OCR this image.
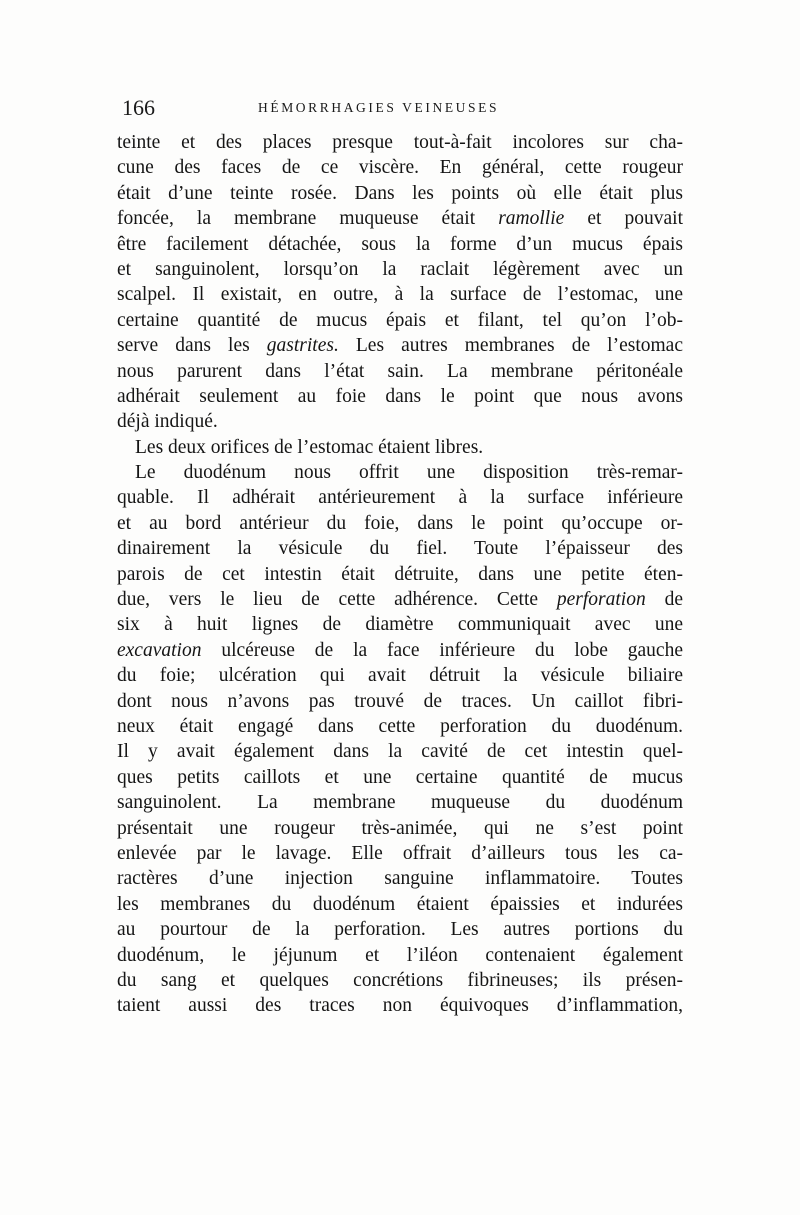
166	HÉMORRHAGIES VEINEUSES
teinte et des places presque tout-à-fait incolores sur cha-
cune des faces de ce viscère. En général, cette rougeur
était d’une teinte rosée. Dans les points où elle était plus
foncée, la membrane muqueuse était ramollie et pouvait
être facilement détachée, sous la forme d’un mucus épais
et sanguinolent, lorsqu’on la raclait légèrement avec un
scalpel. Il existait, en outre, à la surface de l’estomac, une
certaine quantité de mucus épais et filant, tel qu’on l’ob-
serve dans les gastrites. Les autres membranes de l’estomac
nous parurent dans l’état sain. La membrane péritonéale
adhérait seulement au foie dans le point que nous avons
déjà indiqué.
Les deux orifices de l’estomac étaient libres.
Le duodénum nous offrit une disposition très-remar-
quable. Il adhérait antérieurement à la surface inférieure
et au bord antérieur du foie, dans le point qu’occupe or-
dinairement la vésicule du fiel. Toute l’épaisseur des
parois de cet intestin était détruite, dans une petite éten-
due, vers le lieu de cette adhérence. Cette perforation de
six à huit lignes de diamètre communiquait avec une
excavation ulcéreuse de la face inférieure du lobe gauche
du foie; ulcération qui avait détruit la vésicule biliaire
dont nous n’avons pas trouvé de traces. Un caillot fibri-
neux était engagé dans cette perforation du duodénum.
Il y avait également dans la cavité de cet intestin quel-
ques petits caillots et une certaine quantité de mucus
sanguinolent. La membrane muqueuse du duodénum
présentait une rougeur très-animée, qui ne s’est point
enlevée par le lavage. Elle offrait d’ailleurs tous les ca-
ractères d’une injection sanguine inflammatoire. Toutes
les membranes du duodénum étaient épaissies et indurées
au pourtour de la perforation. Les autres portions du
duodénum, le jéjunum et l’iléon contenaient également
du sang et quelques concrétions fibrineuses; ils présen-
taient aussi des traces non équivoques d’inflammation,
